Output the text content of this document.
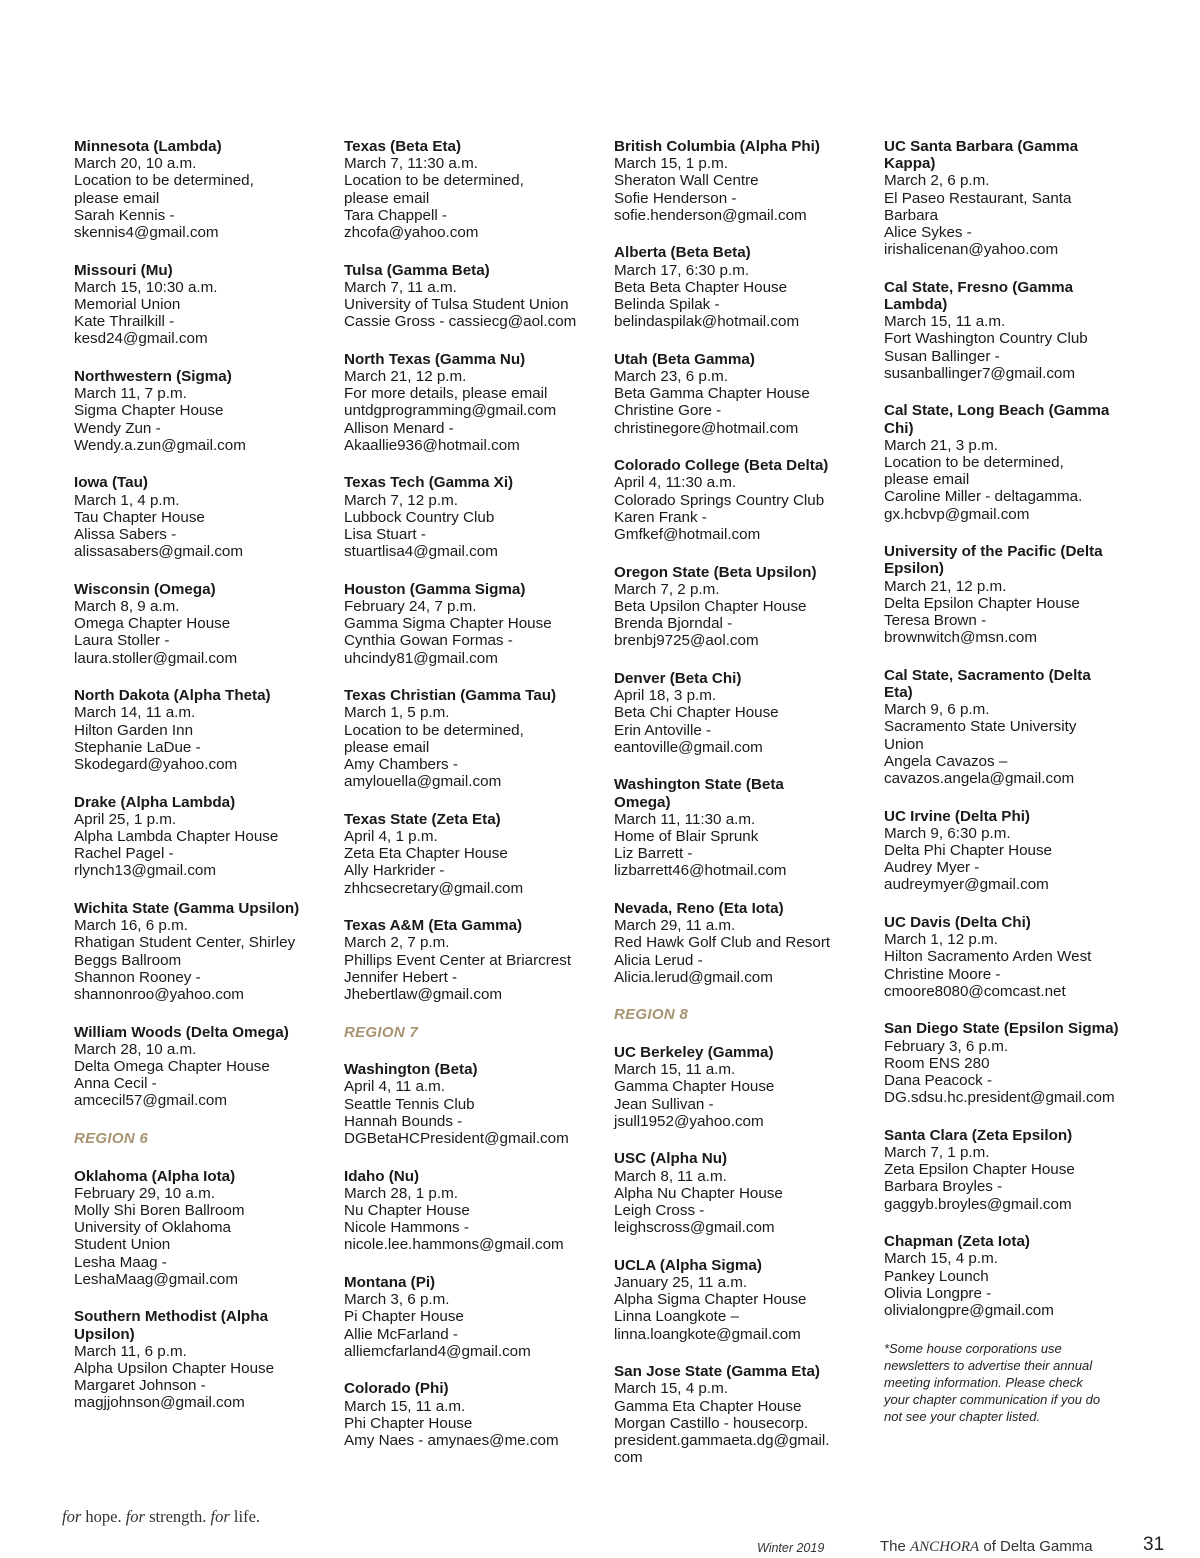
Minnesota (Lambda)
March 20, 10 a.m.
Location to be determined,
please email
Sarah Kennis -
skennis4@gmail.com
Missouri (Mu)
March 15, 10:30 a.m.
Memorial Union
Kate Thrailkill -
kesd24@gmail.com
Northwestern (Sigma)
March 11, 7 p.m.
Sigma Chapter House
Wendy Zun -
Wendy.a.zun@gmail.com
Iowa (Tau)
March 1, 4 p.m.
Tau Chapter House
Alissa Sabers -
alissasabers@gmail.com
Wisconsin (Omega)
March 8, 9 a.m.
Omega Chapter House
Laura Stoller -
laura.stoller@gmail.com
North Dakota (Alpha Theta)
March 14, 11 a.m.
Hilton Garden Inn
Stephanie LaDue -
Skodegard@yahoo.com
Drake (Alpha Lambda)
April 25, 1 p.m.
Alpha Lambda Chapter House
Rachel Pagel -
rlynch13@gmail.com
Wichita State (Gamma Upsilon)
March 16, 6 p.m.
Rhatigan Student Center, Shirley
Beggs Ballroom
Shannon Rooney -
shannonroo@yahoo.com
William Woods (Delta Omega)
March 28, 10 a.m.
Delta Omega Chapter House
Anna Cecil -
amcecil57@gmail.com
REGION 6
Oklahoma (Alpha Iota)
February 29, 10 a.m.
Molly Shi Boren Ballroom
University of Oklahoma
Student Union
Lesha Maag -
LeshaMaag@gmail.com
Southern Methodist (Alpha
Upsilon)
March 11, 6 p.m.
Alpha Upsilon Chapter House
Margaret Johnson -
magjjohnson@gmail.com
Texas (Beta Eta)
March 7, 11:30 a.m.
Location to be determined,
please email
Tara Chappell -
zhcofa@yahoo.com
Tulsa (Gamma Beta)
March 7, 11 a.m.
University of Tulsa Student Union
Cassie Gross - cassiecg@aol.com
North Texas (Gamma Nu)
March 21, 12 p.m.
For more details, please email
untdgprogramming@gmail.com
Allison Menard -
Akaallie936@hotmail.com
Texas Tech (Gamma Xi)
March 7, 12 p.m.
Lubbock Country Club
Lisa Stuart -
stuartlisa4@gmail.com
Houston (Gamma Sigma)
February 24, 7 p.m.
Gamma Sigma Chapter House
Cynthia Gowan Formas -
uhcindy81@gmail.com
Texas Christian (Gamma Tau)
March 1, 5 p.m.
Location to be determined,
please email
Amy Chambers -
amylouella@gmail.com
Texas State (Zeta Eta)
April 4, 1 p.m.
Zeta Eta Chapter House
Ally Harkrider -
zhhcsecretary@gmail.com
Texas A&M (Eta Gamma)
March 2, 7 p.m.
Phillips Event Center at Briarcrest
Jennifer Hebert -
Jhebertlaw@gmail.com
REGION 7
Washington (Beta)
April 4, 11 a.m.
Seattle Tennis Club
Hannah Bounds -
DGBetaHCPresident@gmail.com
Idaho (Nu)
March 28, 1 p.m.
Nu Chapter House
Nicole Hammons -
nicole.lee.hammons@gmail.com
Montana (Pi)
March 3, 6 p.m.
Pi Chapter House
Allie McFarland -
alliemcfarland4@gmail.com
Colorado (Phi)
March 15, 11 a.m.
Phi Chapter House
Amy Naes - amynaes@me.com
British Columbia (Alpha Phi)
March 15, 1 p.m.
Sheraton Wall Centre
Sofie Henderson -
sofie.henderson@gmail.com
Alberta (Beta Beta)
March 17, 6:30 p.m.
Beta Beta Chapter House
Belinda Spilak -
belindaspilak@hotmail.com
Utah (Beta Gamma)
March 23, 6 p.m.
Beta Gamma Chapter House
Christine Gore -
christinegore@hotmail.com
Colorado College (Beta Delta)
April 4, 11:30 a.m.
Colorado Springs Country Club
Karen Frank -
Gmfkef@hotmail.com
Oregon State (Beta Upsilon)
March 7, 2 p.m.
Beta Upsilon Chapter House
Brenda Bjorndal -
brenbj9725@aol.com
Denver (Beta Chi)
April 18, 3 p.m.
Beta Chi Chapter House
Erin Antoville -
eantoville@gmail.com
Washington State (Beta
Omega)
March 11, 11:30 a.m.
Home of Blair Sprunk
Liz Barrett -
lizbarrett46@hotmail.com
Nevada, Reno (Eta Iota)
March 29, 11 a.m.
Red Hawk Golf Club and Resort
Alicia Lerud -
Alicia.lerud@gmail.com
REGION 8
UC Berkeley (Gamma)
March 15, 11 a.m.
Gamma Chapter House
Jean Sullivan -
jsull1952@yahoo.com
USC (Alpha Nu)
March 8, 11 a.m.
Alpha Nu Chapter House
Leigh Cross -
leighscross@gmail.com
UCLA (Alpha Sigma)
January 25, 11 a.m.
Alpha Sigma Chapter House
Linna Loangkote –
linna.loangkote@gmail.com
San Jose State (Gamma Eta)
March 15, 4 p.m.
Gamma Eta Chapter House
Morgan Castillo - housecorp.
president.gammaeta.dg@gmail.
com
UC Santa Barbara (Gamma
Kappa)
March 2, 6 p.m.
El Paseo Restaurant, Santa
Barbara
Alice Sykes -
irishalicenan@yahoo.com
Cal State, Fresno (Gamma
Lambda)
March 15, 11 a.m.
Fort Washington Country Club
Susan Ballinger -
susanballinger7@gmail.com
Cal State, Long Beach (Gamma
Chi)
March 21, 3 p.m.
Location to be determined,
please email
Caroline Miller - deltagamma.
gx.hcbvp@gmail.com
University of the Pacific (Delta
Epsilon)
March 21, 12 p.m.
Delta Epsilon Chapter House
Teresa Brown -
brownwitch@msn.com
Cal State, Sacramento (Delta
Eta)
March 9, 6 p.m.
Sacramento State University
Union
Angela Cavazos –
cavazos.angela@gmail.com
UC Irvine (Delta Phi)
March 9, 6:30 p.m.
Delta Phi Chapter House
Audrey Myer -
audreymyer@gmail.com
UC Davis (Delta Chi)
March 1, 12 p.m.
Hilton Sacramento Arden West
Christine Moore -
cmoore8080@comcast.net
San Diego State (Epsilon Sigma)
February 3, 6 p.m.
Room ENS 280
Dana Peacock -
DG.sdsu.hc.president@gmail.com
Santa Clara (Zeta Epsilon)
March 7, 1 p.m.
Zeta Epsilon Chapter House
Barbara Broyles -
gaggyb.broyles@gmail.com
Chapman (Zeta Iota)
March 15, 4 p.m.
Pankey Lounch
Olivia Longpre -
olivialongpre@gmail.com
*Some house corporations use
newsletters to advertise their annual
meeting information. Please check
your chapter communication if you do
not see your chapter listed.
for hope. for strength. for life.
Winter 2019	The ANCHORA of Delta Gamma	31
